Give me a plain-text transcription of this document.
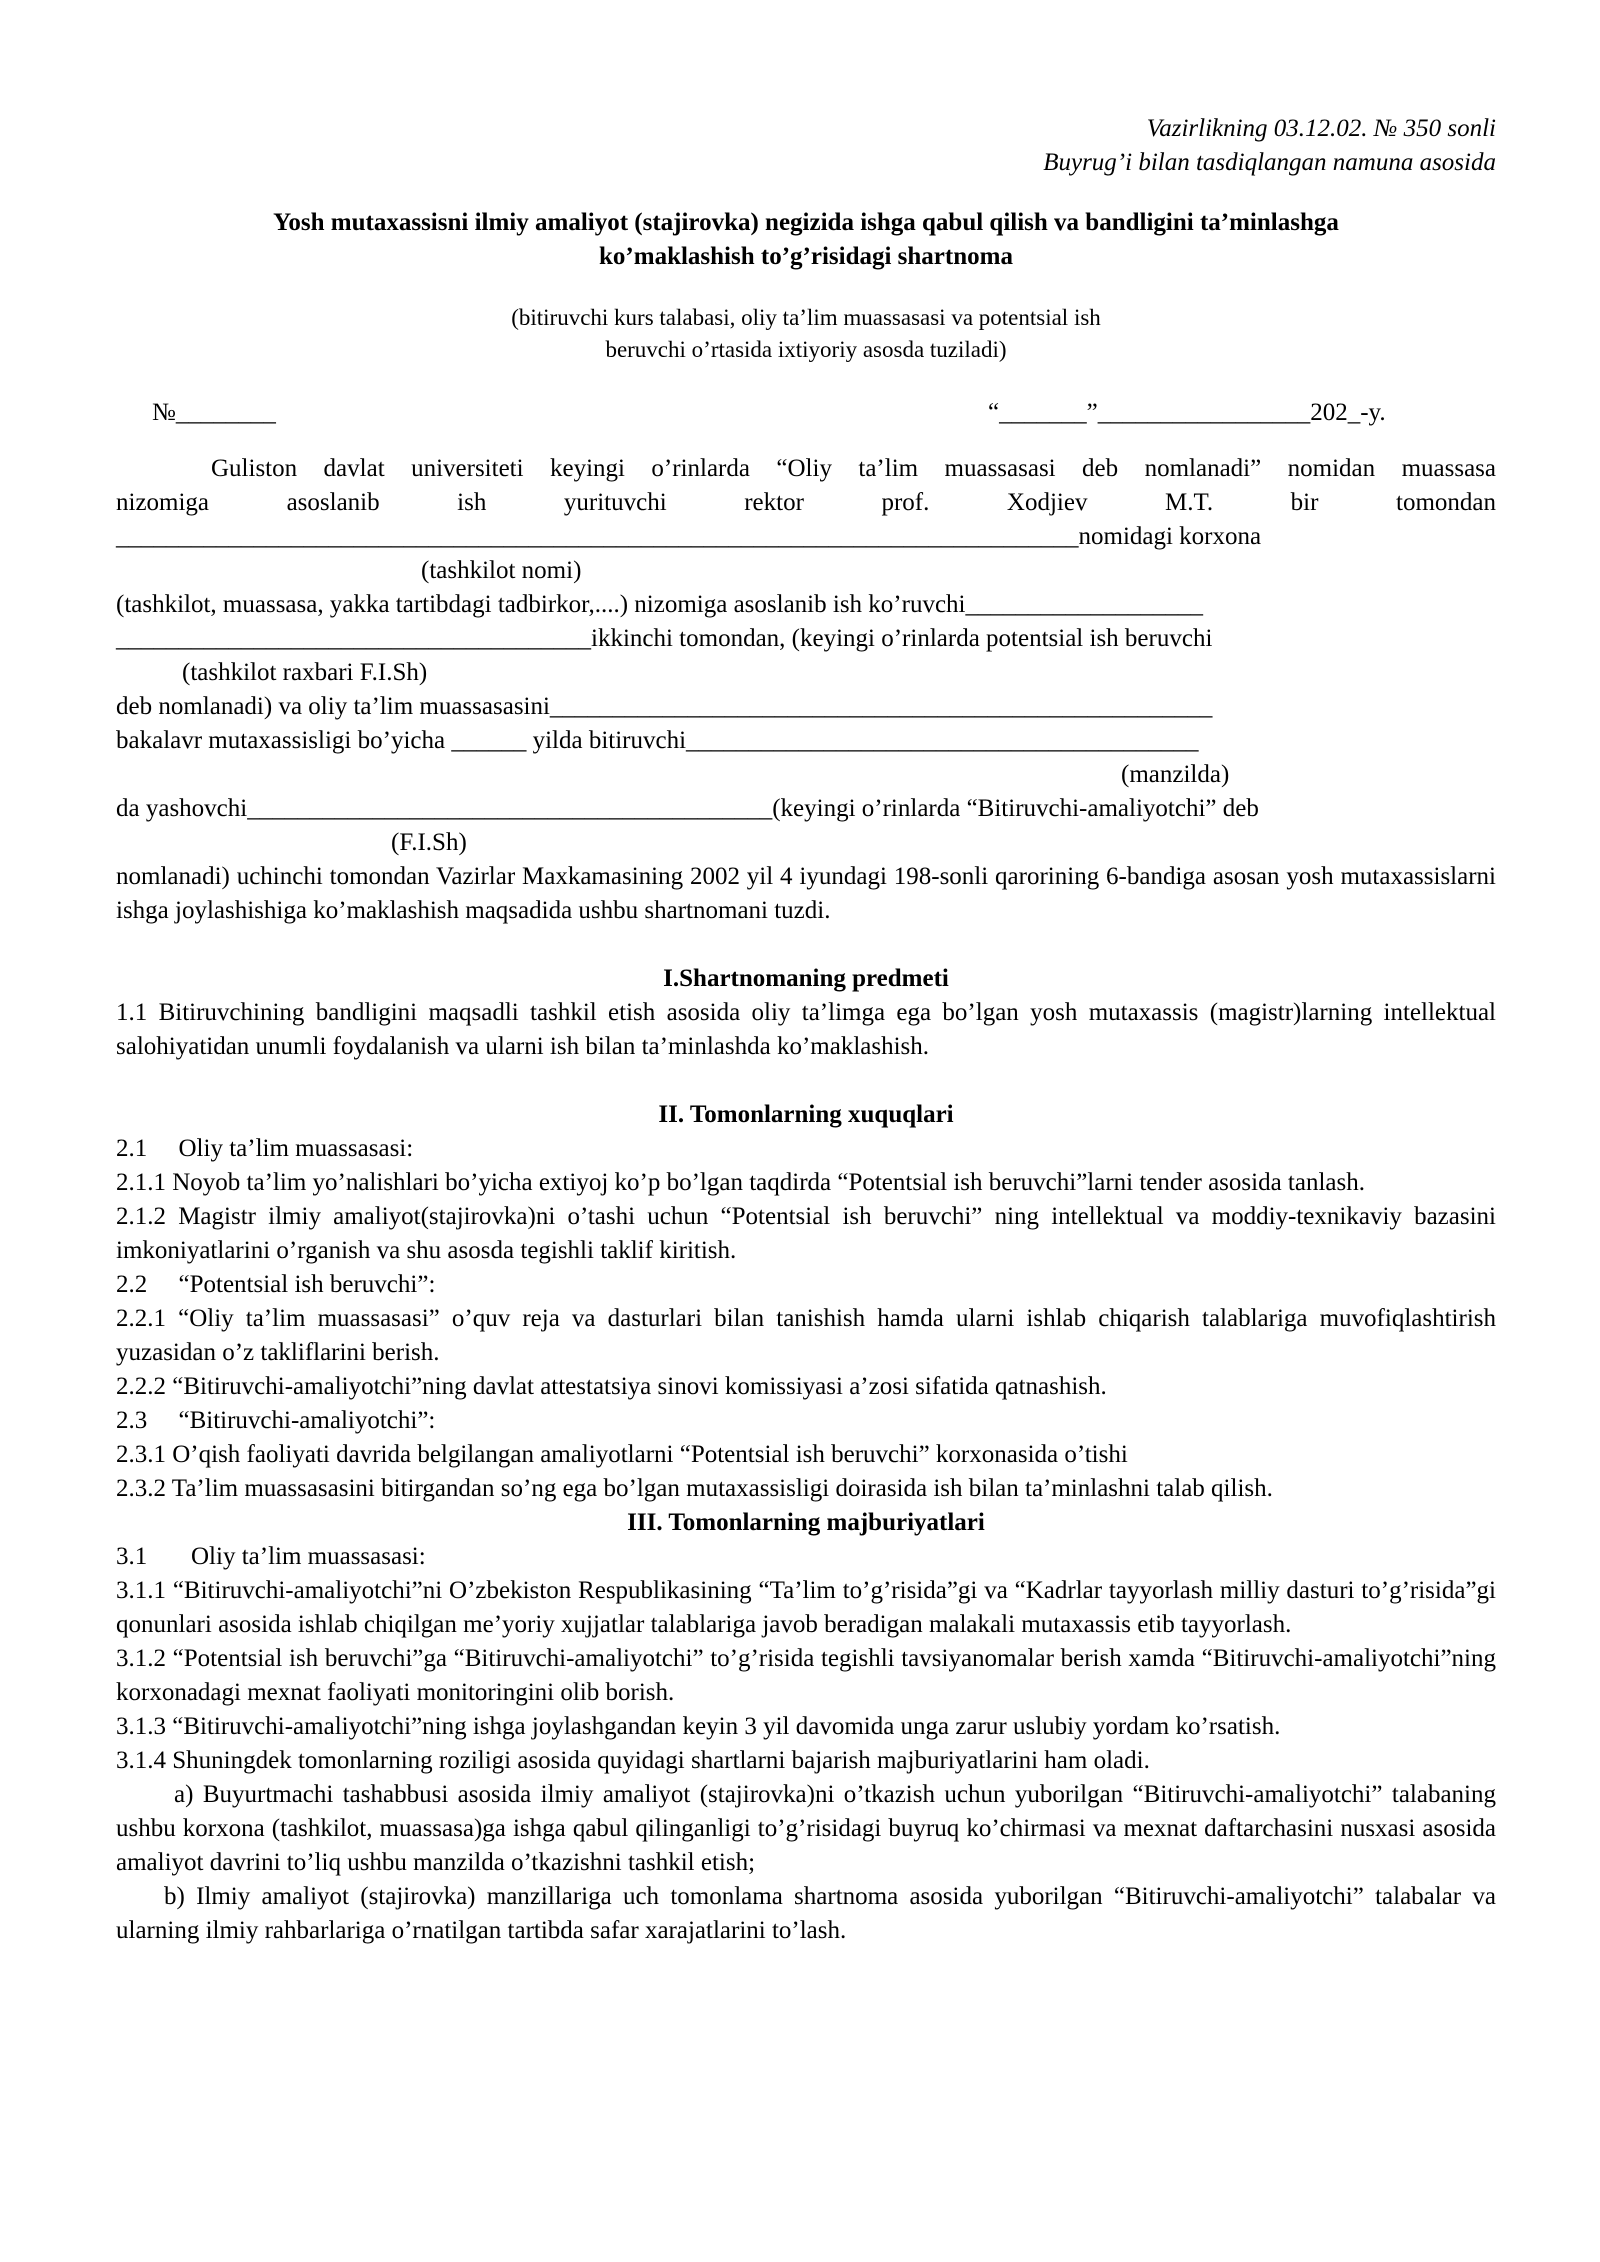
Vazirlikning 03.12.02. № 350 sonli
Buyrug’i bilan tasdiqlangan namuna asosida
Yosh mutaxassisni ilmiy amaliyot (stajirovka) negizida ishga qabul qilish va bandligini ta’minlashga
ko’maklashish to’g’risidagi shartnoma
(bitiruvchi kurs talabasi, oliy ta’lim muassasasi va potentsial ish
beruvchi o’rtasida ixtiyoriy asosda tuziladi)
№________	“_______”_________________202_-y.

Guliston davlat universiteti keyingi o’rinlarda “Oliy ta’lim muassasasi deb nomlanadi” nomidan muassasa

nizomiga asoslanib ish yurituvchi rektor prof. Xodjiev M.T. bir tomondan

_____________________________________________________________________________nomidagi korxona

(tashkilot nomi)

(tashkilot, muassasa, yakka tartibdagi tadbirkor,....) nizomiga asoslanib ish ko’ruvchi___________________

______________________________________ikkinchi tomondan, (keyingi o’rinlarda potentsial ish beruvchi

(tashkilot raxbari F.I.Sh)

deb nomlanadi) va oliy ta’lim muassasasini_____________________________________________________

bakalavr mutaxassisligi bo’yicha ______ yilda bitiruvchi_________________________________________

(manzilda)

da yashovchi__________________________________________(keyingi o’rinlarda “Bitiruvchi-amaliyotchi” deb

(F.I.Sh)

nomlanadi) uchinchi tomondan Vazirlar Maxkamasining 2002 yil 4 iyundagi 198-sonli qarorining 6-bandiga asosan yosh mutaxassislarni ishga joylashishiga ko’maklashish maqsadida ushbu shartnomani tuzdi.

I.Shartnomaning predmeti

1.1 Bitiruvchining bandligini maqsadli tashkil etish asosida oliy ta’limga ega bo’lgan yosh mutaxassis (magistr)larning intellektual salohiyatidan unumli foydalanish va ularni ish bilan ta’minlashda ko’maklashish.

II. Tomonlarning xuquqlari

2.1     Oliy ta’lim muassasasi:

2.1.1 Noyob ta’lim yo’nalishlari bo’yicha extiyoj ko’p bo’lgan taqdirda “Potentsial ish beruvchi”larni tender asosida tanlash.

2.1.2 Magistr ilmiy amaliyot(stajirovka)ni o’tashi uchun “Potentsial ish beruvchi” ning intellektual va moddiy-texnikaviy bazasini imkoniyatlarini o’rganish va shu asosda tegishli taklif kiritish.

2.2     “Potentsial ish beruvchi”:

2.2.1 “Oliy ta’lim muassasasi” o’quv reja va dasturlari bilan tanishish hamda ularni ishlab chiqarish talablariga muvofiqlashtirish yuzasidan o’z takliflarini berish.

2.2.2 “Bitiruvchi-amaliyotchi”ning davlat attestatsiya sinovi komissiyasi a’zosi sifatida qatnashish.

2.3     “Bitiruvchi-amaliyotchi”:

2.3.1 O’qish faoliyati davrida belgilangan amaliyotlarni “Potentsial ish beruvchi” korxonasida o’tishi

2.3.2 Ta’lim muassasasini bitirgandan so’ng ega bo’lgan mutaxassisligi doirasida ish bilan ta’minlashni talab qilish.

III. Tomonlarning majburiyatlari

3.1       Oliy ta’lim muassasasi:

3.1.1 “Bitiruvchi-amaliyotchi”ni O’zbekiston Respublikasining “Ta’lim to’g’risida”gi va “Kadrlar tayyorlash milliy dasturi to’g’risida”gi qonunlari asosida ishlab chiqilgan me’yoriy xujjatlar talablariga javob beradigan malakali mutaxassis etib tayyorlash.

3.1.2 “Potentsial ish beruvchi”ga “Bitiruvchi-amaliyotchi” to’g’risida tegishli tavsiyanomalar berish xamda “Bitiruvchi-amaliyotchi”ning korxonadagi mexnat faoliyati monitoringini olib borish.

3.1.3 “Bitiruvchi-amaliyotchi”ning ishga joylashgandan keyin 3 yil davomida unga zarur uslubiy yordam ko’rsatish.

3.1.4 Shuningdek tomonlarning roziligi asosida quyidagi shartlarni bajarish majburiyatlarini ham oladi.

a) Buyurtmachi tashabbusi asosida ilmiy amaliyot (stajirovka)ni o’tkazish uchun yuborilgan “Bitiruvchi-amaliyotchi” talabaning ushbu korxona (tashkilot, muassasa)ga ishga qabul qilinganligi to’g’risidagi buyruq ko’chirmasi va mexnat daftarchasini nusxasi asosida amaliyot davrini to’liq ushbu manzilda o’tkazishni tashkil etish;

b) Ilmiy amaliyot (stajirovka) manzillariga uch tomonlama shartnoma asosida yuborilgan “Bitiruvchi-amaliyotchi” talabalar va ularning ilmiy rahbarlariga o’rnatilgan tartibda safar xarajatlarini to’lash.
